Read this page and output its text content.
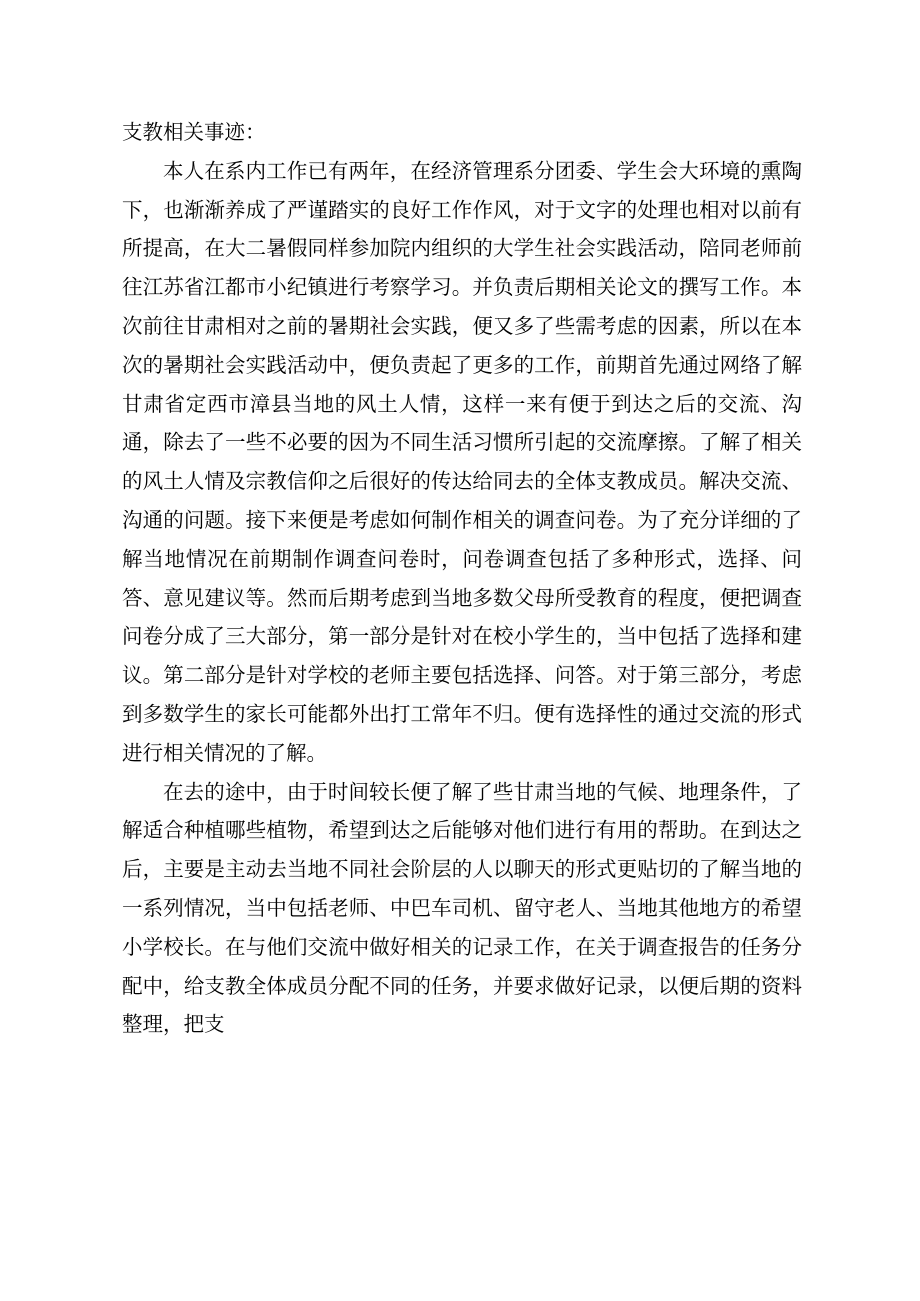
支教相关事迹：

本人在系内工作已有两年，在经济管理系分团委、学生会大环境的熏陶下，也渐渐养成了严谨踏实的良好工作作风，对于文字的处理也相对以前有所提高，在大二暑假同样参加院内组织的大学生社会实践活动，陪同老师前往江苏省江都市小纪镇进行考察学习。并负责后期相关论文的撰写工作。本次前往甘肃相对之前的暑期社会实践，便又多了些需考虑的因素，所以在本次的暑期社会实践活动中，便负责起了更多的工作，前期首先通过网络了解甘肃省定西市漳县当地的风土人情，这样一来有便于到达之后的交流、沟通，除去了一些不必要的因为不同生活习惯所引起的交流摩擦。了解了相关的风土人情及宗教信仰之后很好的传达给同去的全体支教成员。解决交流、沟通的问题。接下来便是考虑如何制作相关的调查问卷。为了充分详细的了解当地情况在前期制作调查问卷时，问卷调查包括了多种形式，选择、问答、意见建议等。然而后期考虑到当地多数父母所受教育的程度，便把调查问卷分成了三大部分，第一部分是针对在校小学生的，当中包括了选择和建议。第二部分是针对学校的老师主要包括选择、问答。对于第三部分，考虑到多数学生的家长可能都外出打工常年不归。便有选择性的通过交流的形式进行相关情况的了解。

在去的途中，由于时间较长便了解了些甘肃当地的气候、地理条件，了解适合种植哪些植物，希望到达之后能够对他们进行有用的帮助。在到达之后，主要是主动去当地不同社会阶层的人以聊天的形式更贴切的了解当地的一系列情况，当中包括老师、中巴车司机、留守老人、当地其他地方的希望小学校长。在与他们交流中做好相关的记录工作，在关于调查报告的任务分配中，给支教全体成员分配不同的任务，并要求做好记录，以便后期的资料整理，把支
